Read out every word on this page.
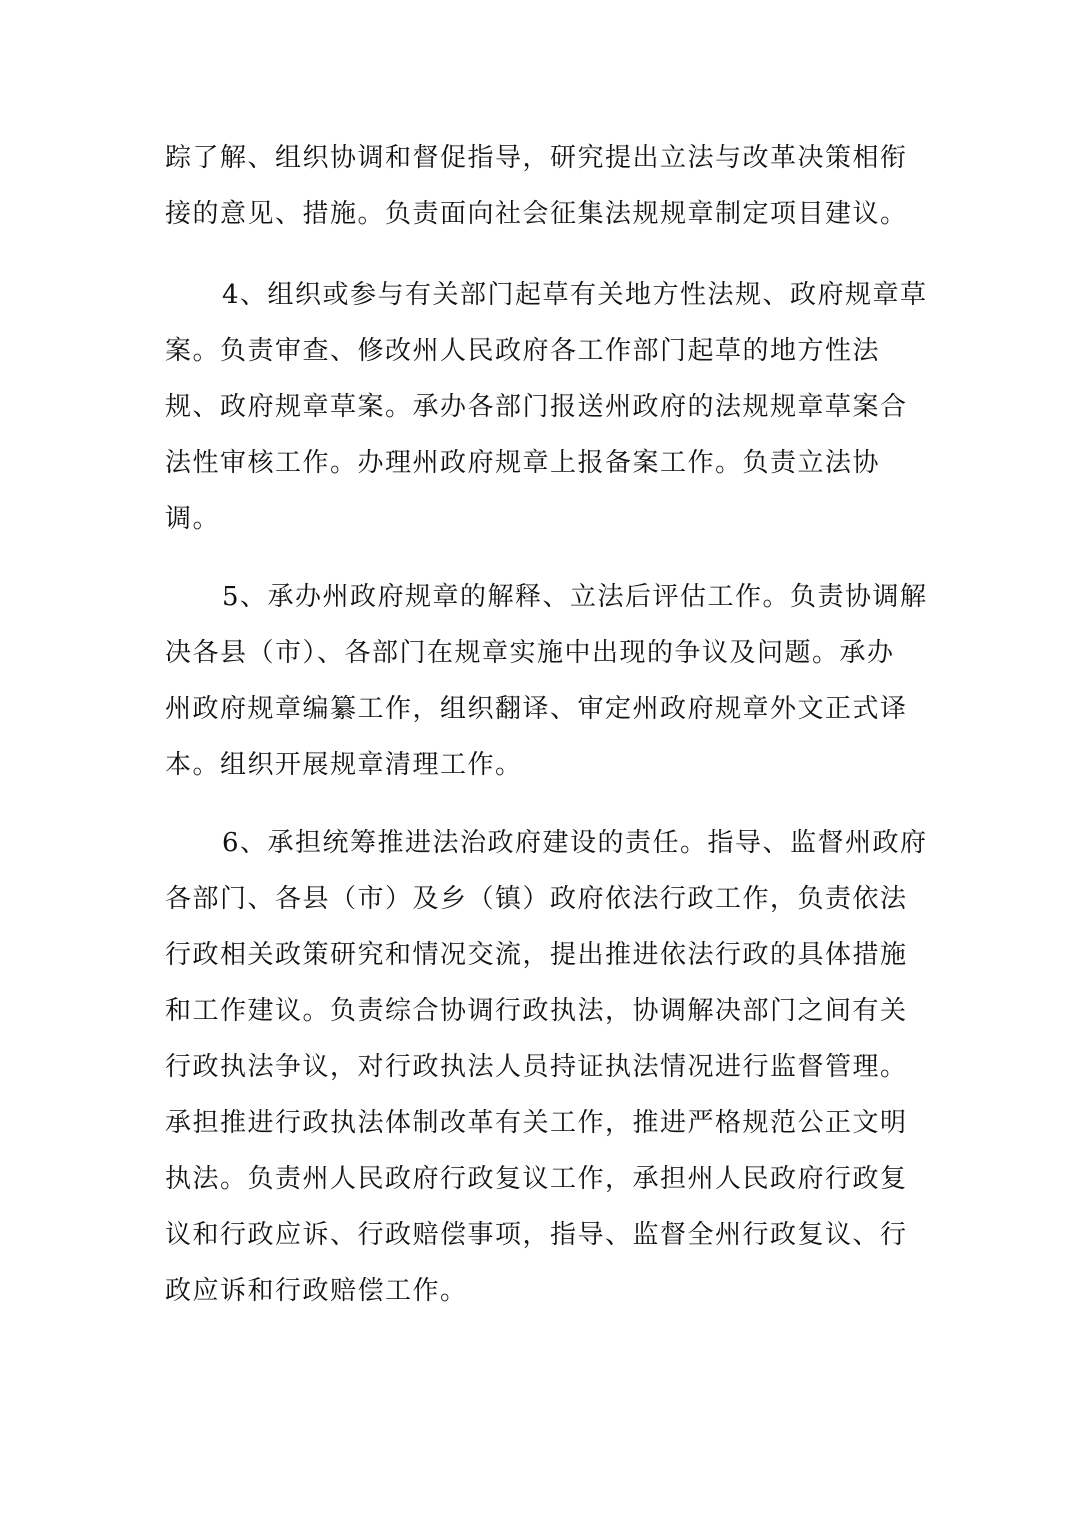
踪了解、组织协调和督促指导，研究提出立法与改革决策相衔
接的意见、措施。负责面向社会征集法规规章制定项目建议。
4、组织或参与有关部门起草有关地方性法规、政府规章草
案。负责审查、修改州人民政府各工作部门起草的地方性法
规、政府规章草案。承办各部门报送州政府的法规规章草案合
法性审核工作。办理州政府规章上报备案工作。负责立法协
调。
5、承办州政府规章的解释、立法后评估工作。负责协调解
决各县（市）、各部门在规章实施中出现的争议及问题。承办
州政府规章编纂工作，组织翻译、审定州政府规章外文正式译
本。组织开展规章清理工作。
6、承担统筹推进法治政府建设的责任。指导、监督州政府
各部门、各县（市）及乡（镇）政府依法行政工作，负责依法
行政相关政策研究和情况交流，提出推进依法行政的具体措施
和工作建议。负责综合协调行政执法，协调解决部门之间有关
行政执法争议，对行政执法人员持证执法情况进行监督管理。
承担推进行政执法体制改革有关工作，推进严格规范公正文明
执法。负责州人民政府行政复议工作，承担州人民政府行政复
议和行政应诉、行政赔偿事项，指导、监督全州行政复议、行
政应诉和行政赔偿工作。
